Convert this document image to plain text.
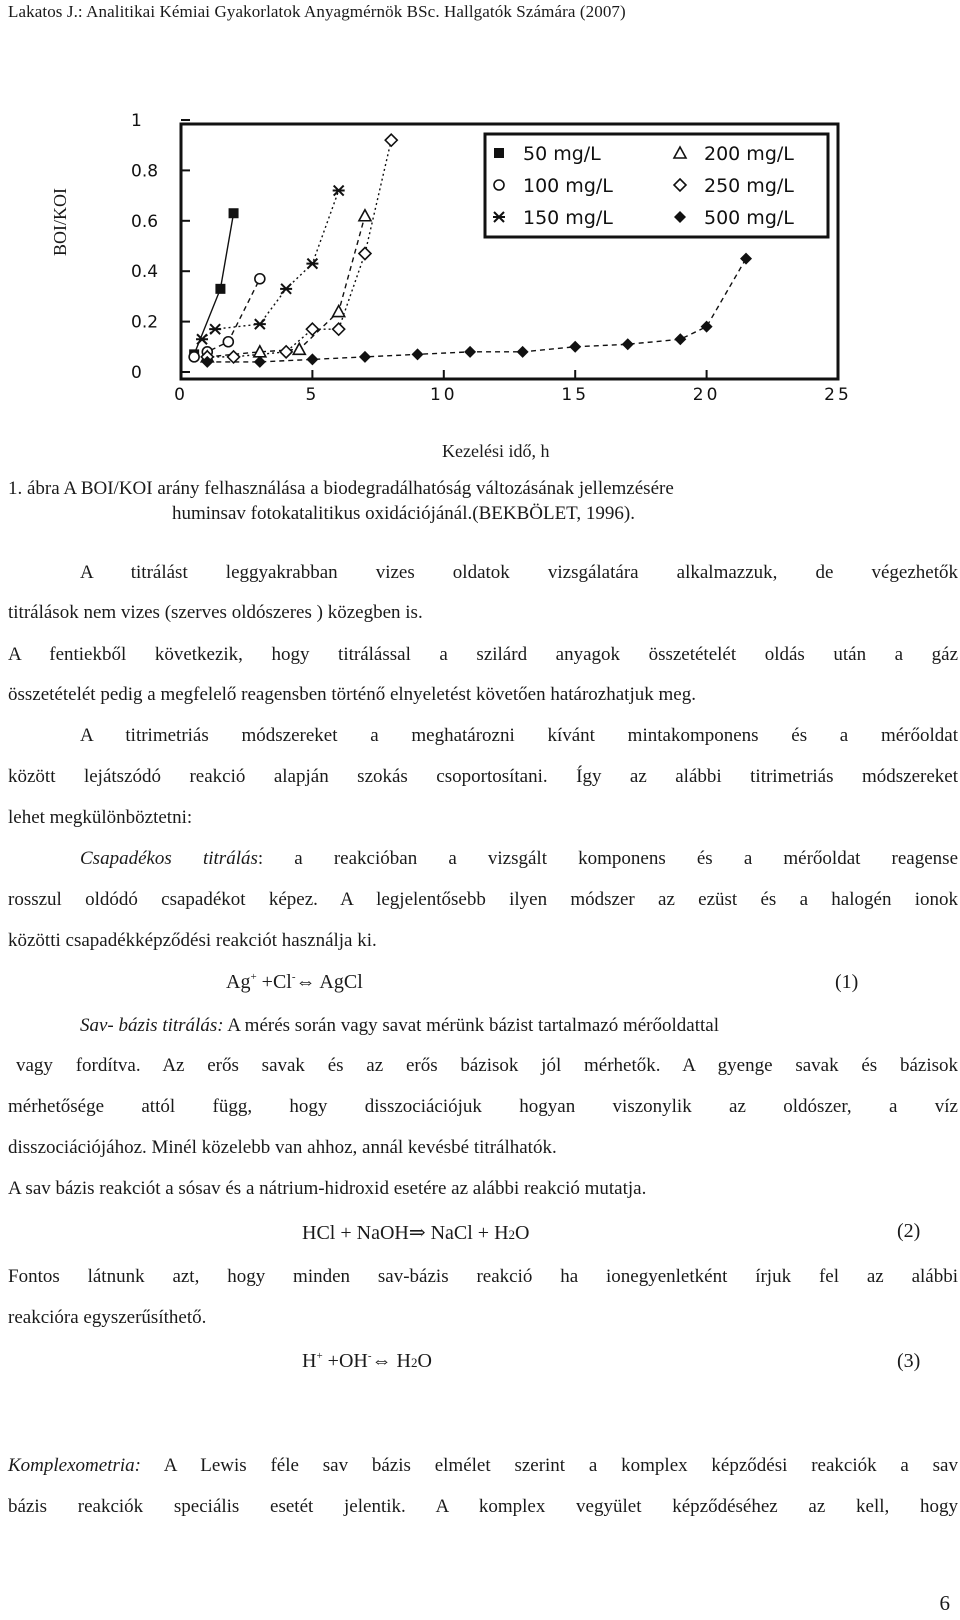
Lakatos J.: Analitikai Kémiai Gyakorlatok Anyagmérnök BSc. Hallgatók Számára (2007)
0
0.2
0.4
0.6
0.8
1
0	5	10	15	20	25
50 mg/L
100 mg/L
150 mg/L
200 mg/L
250 mg/L
500 mg/L
BOI/KOI
Kezelési idő, h
1. ábra A BOI/KOI arány felhasználása a biodegradálhatóság változásának jellemzésére
huminsav fotokatalitikus oxidációjánál.(BEKBÖLET, 1996).
A titrálást leggyakrabban vizes oldatok vizsgálatára alkalmazzuk, de végezhetők
titrálások nem vizes (szerves oldószeres ) közegben is.
A fentiekből következik, hogy titrálással a szilárd anyagok összetételét oldás után a gáz
összetételét pedig a megfelelő reagensben történő elnyeletést követően határozhatjuk meg.
A titrimetriás módszereket a meghatározni kívánt mintakomponens és a mérőoldat
között lejátszódó reakció alapján szokás csoportosítani. Így az alábbi titrimetriás módszereket
lehet megkülönböztetni:
Csapadékos titrálás: a reakcióban a vizsgált komponens és a mérőoldat reagense
rosszul oldódó csapadékot képez. A legjelentősebb ilyen módszer az ezüst és a halogén ionok
közötti csapadékképződési reakciót használja ki.
Ag+ +Cl-⇔ AgCl	(1)
Sav- bázis titrálás: A mérés során vagy savat mérünk bázist tartalmazó mérőoldattal
vagy fordítva. Az erős savak és az erős bázisok jól mérhetők. A gyenge savak és bázisok
mérhetősége attól függ, hogy disszociációjuk hogyan viszonylik az oldószer, a víz
disszociációjához. Minél közelebb van ahhoz, annál kevésbé titrálhatók.
A sav bázis reakciót a sósav és a nátrium-hidroxid esetére az alábbi reakció mutatja.
HCl + NaOH⇒ NaCl + H2O	(2)
Fontos látnunk azt, hogy minden sav-bázis reakció ha ionegyenletként írjuk fel az alábbi
reakcióra egyszerűsíthető.
H+ +OH-⇔ H2O	(3)
Komplexometria: A Lewis féle sav bázis elmélet szerint a komplex képződési reakciók a sav
bázis reakciók speciális esetét jelentik. A komplex vegyület képződéséhez az kell, hogy
6
